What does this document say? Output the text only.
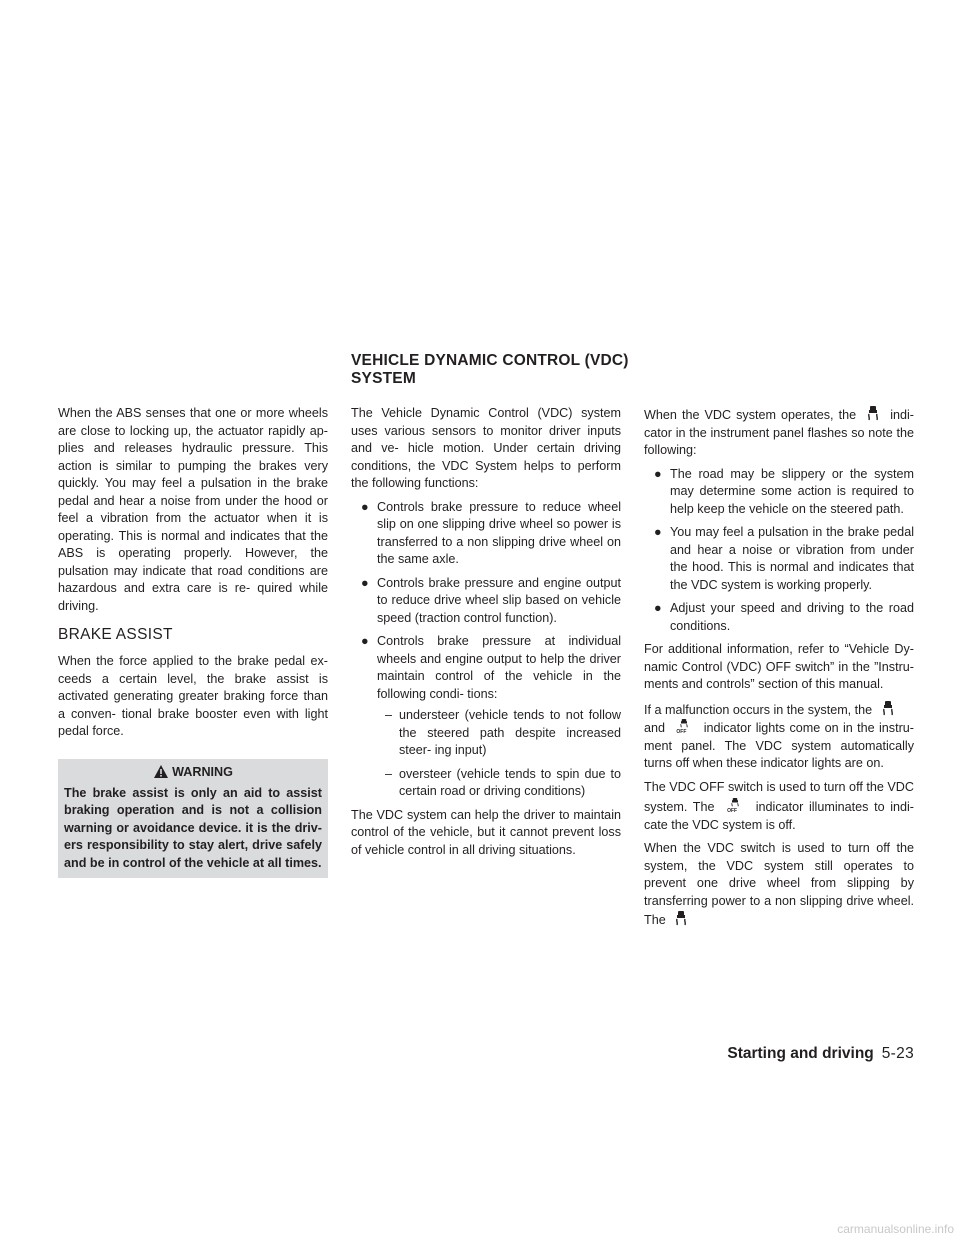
When the ABS senses that one or more wheels are close to locking up, the actuator rapidly ap- plies and releases hydraulic pressure. This action is similar to pumping the brakes very quickly. You may feel a pulsation in the brake pedal and hear a noise from under the hood or feel a vibration from the actuator when it is operating. This is normal and indicates that the ABS is operating properly. However, the pulsation may indicate that road conditions are hazardous and extra care is re- quired while driving.

BRAKE ASSIST

When the force applied to the brake pedal ex- ceeds a certain level, the brake assist is activated generating greater braking force than a conven- tional brake booster even with light pedal force.

WARNING
The brake assist is only an aid to assist braking operation and is not a collision warning or avoidance device. it is the driv- ers responsibility to stay alert, drive safely and be in control of the vehicle at all times.
VEHICLE DYNAMIC CONTROL (VDC)
SYSTEM

The Vehicle Dynamic Control (VDC) system uses various sensors to monitor driver inputs and ve- hicle motion. Under certain driving conditions, the VDC System helps to perform the following functions:

● Controls brake pressure to reduce wheel slip on one slipping drive wheel so power is transferred to a non slipping drive wheel on the same axle.
● Controls brake pressure and engine output to reduce drive wheel slip based on vehicle speed (traction control function).
● Controls brake pressure at individual wheels and engine output to help the driver maintain control of the vehicle in the following condi- tions:
– understeer (vehicle tends to not follow the steered path despite increased steer- ing input)
– oversteer (vehicle tends to spin due to certain road or driving conditions)

The VDC system can help the driver to maintain control of the vehicle, but it cannot prevent loss of vehicle control in all driving situations.

When the VDC system operates, the	indi- cator in the instrument panel flashes so note the following:

● The road may be slippery or the system may determine some action is required to help keep the vehicle on the steered path.
● You may feel a pulsation in the brake pedal and hear a noise or vibration from under the hood. This is normal and indicates that the VDC system is working properly.
● Adjust your speed and driving to the road conditions.

For additional information, refer to “Vehicle Dy- namic Control (VDC) OFF switch” in the ”Instru- ments and controls” section of this manual.

If a malfunction occurs in the system, the
and OFF indicator lights come on in the instru- ment panel. The VDC system automatically turns off when these indicator lights are on.

The VDC OFF switch is used to turn off the VDC

system. The	OFF indicator illuminates to indi- cate the VDC system is off.

When the VDC switch is used to turn off the system, the VDC system still operates to prevent one drive wheel from slipping by transferring power to a non slipping drive wheel. The

Starting and driving 5-23
carmanualsonline.info
